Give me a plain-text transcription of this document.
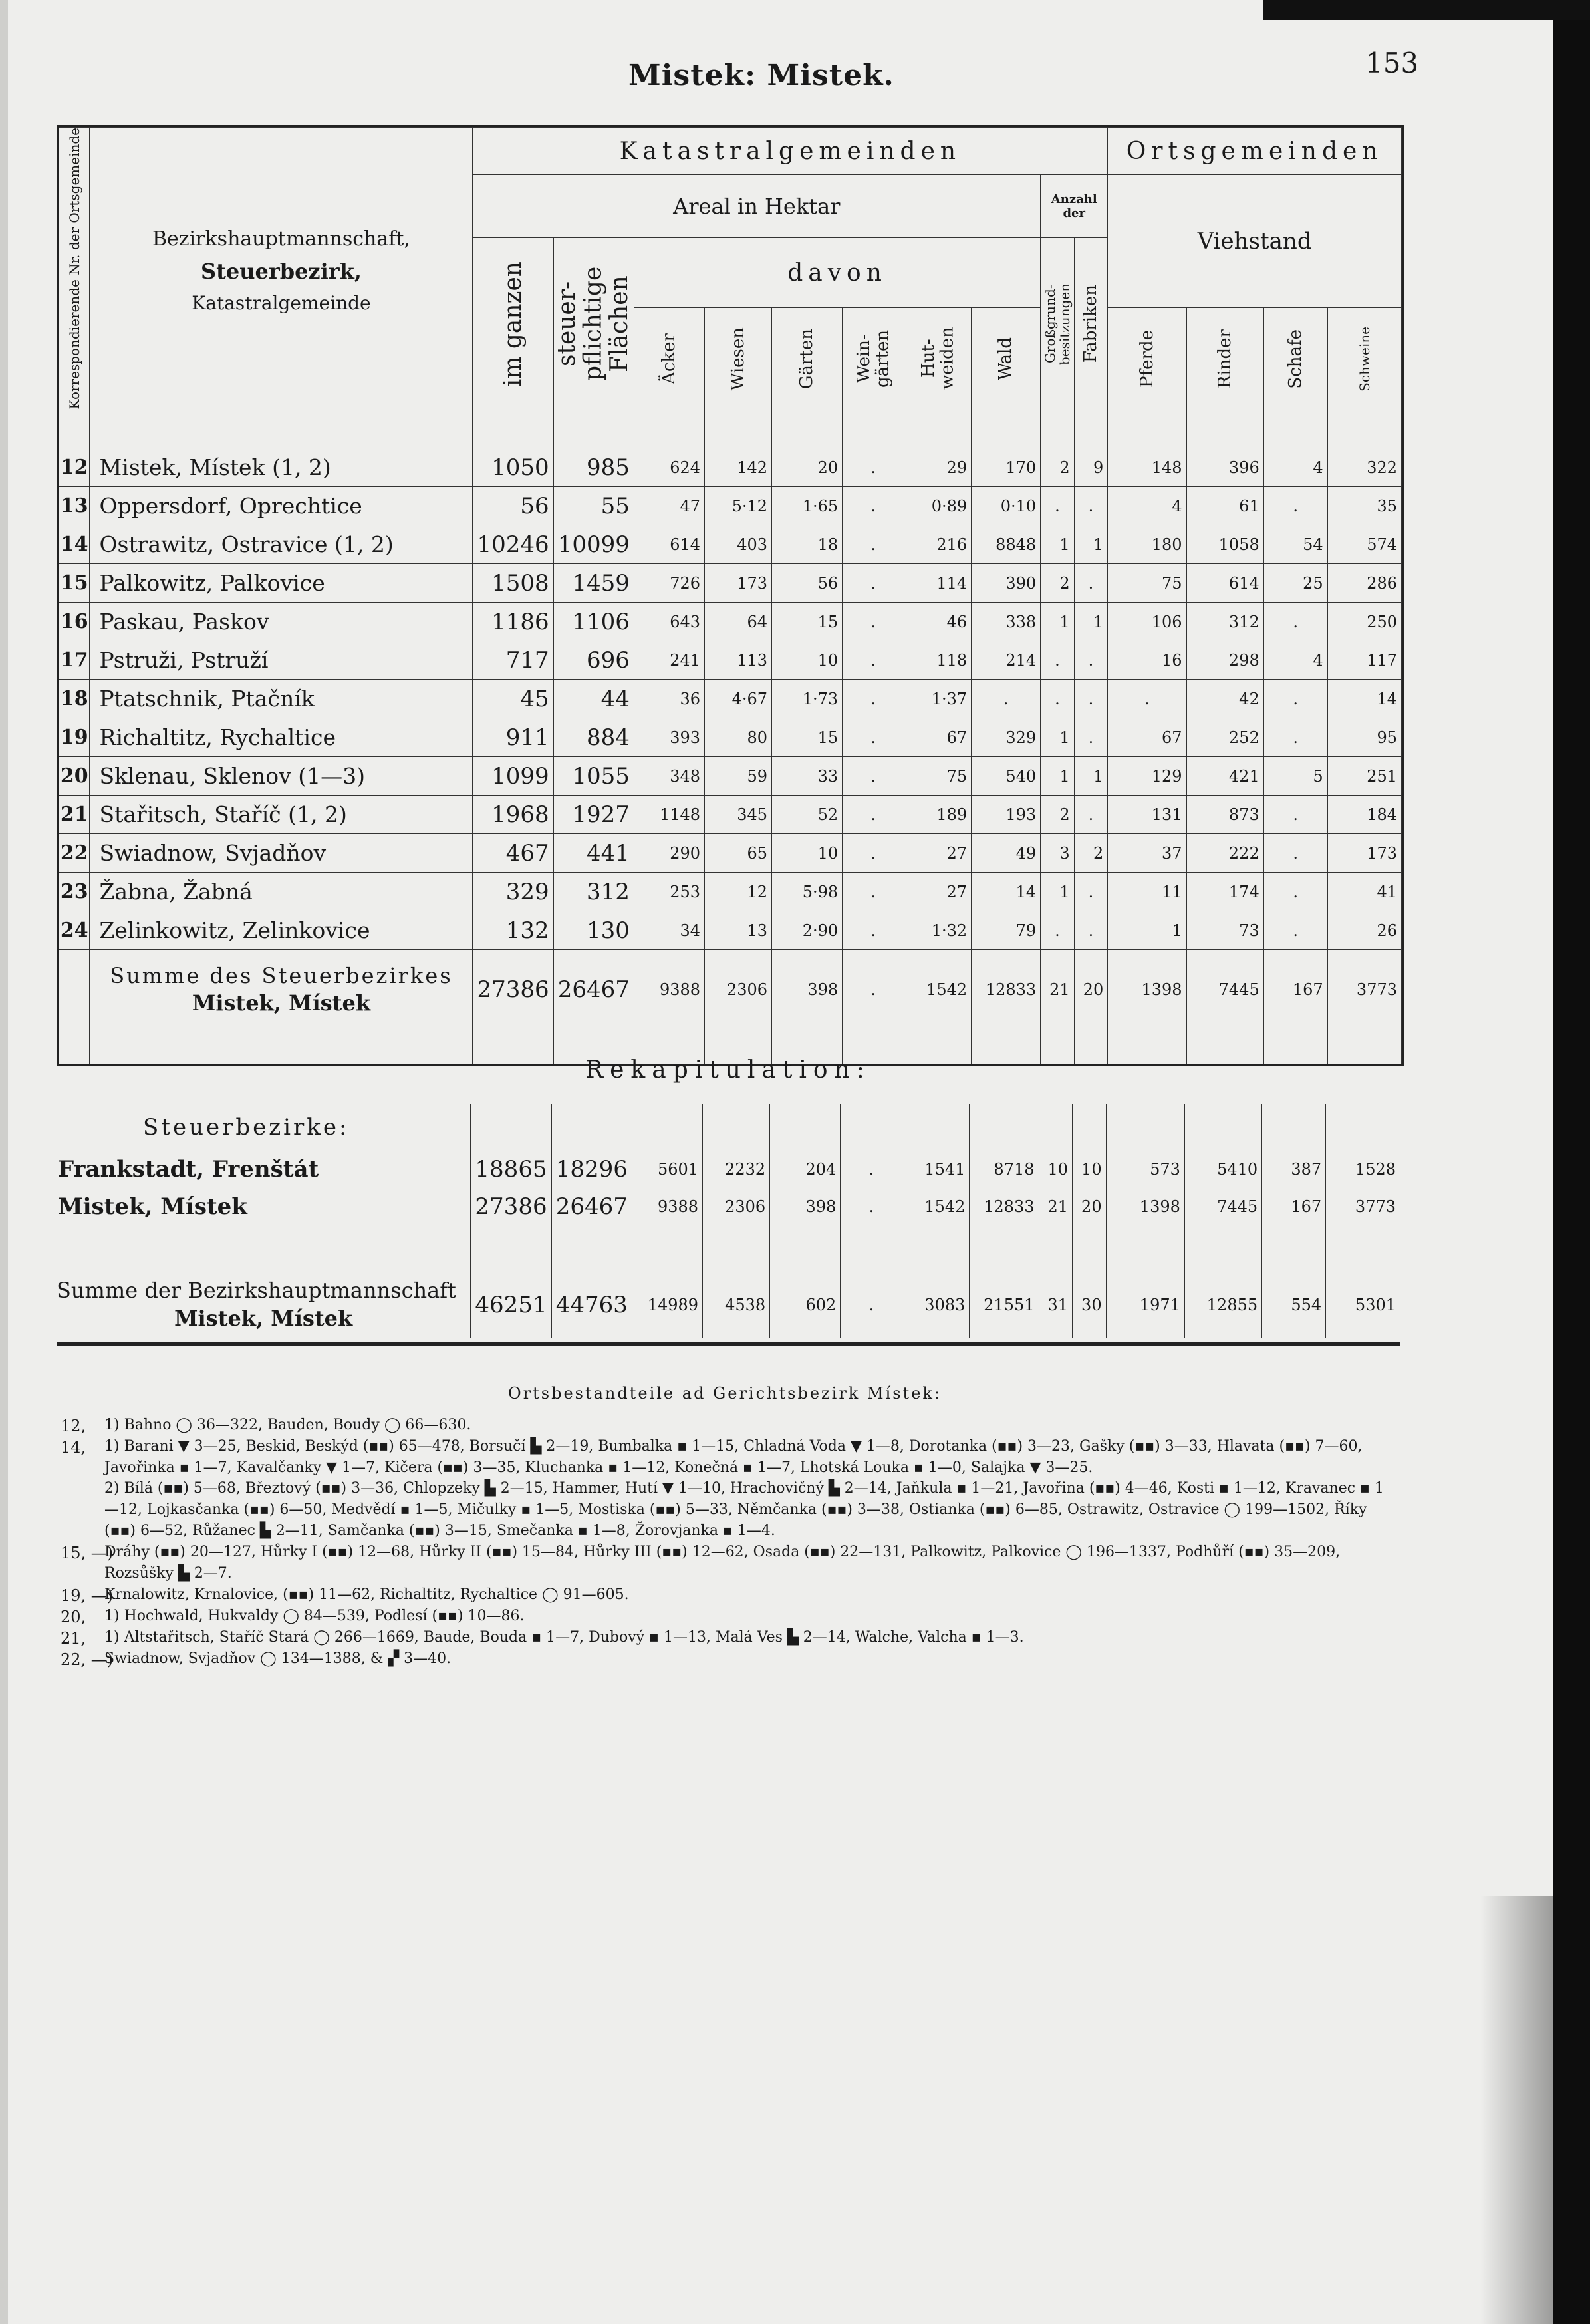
Mistek: Mistek.	153
Korrespondierende Nr. der Ortsgemeinde	Bezirkshauptmannschaft,
Steuerbezirk,
Katastralgemeinde	Katastralgemeinden										Ortsgemeinden			
		Areal in Hektar								Anzahl der		Viehstand			
		im ganzen	steuer-pflichtige Flächen	davon						Großgrund-besitzungen	Fabriken				
				Äcker	Wiesen	Gärten	Wein-gärten	Hut-weiden	Wald			Pferde	Rinder	Schafe	Schweine

12	Mistek, Místek (1, 2)	1050	985	624	142	20	.	29	170	2	9	148	396	4	322
13	Oppersdorf, Oprechtice	56	55	47	5·12	1·65	.	0·89	0·10	.	.	4	61	.	35
14	Ostrawitz, Ostravice (1, 2)	10246	10099	614	403	18	.	216	8848	1	1	180	1058	54	574
15	Palkowitz, Palkovice	1508	1459	726	173	56	.	114	390	2	.	75	614	25	286
16	Paskau, Paskov	1186	1106	643	64	15	.	46	338	1	1	106	312	.	250
17	Pstruži, Pstruží	717	696	241	113	10	.	118	214	.	.	16	298	4	117
18	Ptatschnik, Ptačník	45	44	36	4·67	1·73	.	1·37	.	.	.	.	42	.	14
19	Richaltitz, Rychaltice	911	884	393	80	15	.	67	329	1	.	67	252	.	95
20	Sklenau, Sklenov (1—3)	1099	1055	348	59	33	.	75	540	1	1	129	421	5	251
21	Stařitsch, Staříč (1, 2)	1968	1927	1148	345	52	.	189	193	2	.	131	873	.	184
22	Swiadnow, Svjadňov	467	441	290	65	10	.	27	49	3	2	37	222	.	173
23	Žabna, Žabná	329	312	253	12	5·98	.	27	14	1	.	11	174	.	41
24	Zelinkowitz, Zelinkovice	132	130	34	13	2·90	.	1·32	79	.	.	1	73	.	26

	Summe des Steuerbezirkes
Mistek, Místek	27386	26467	9388	2306	398	.	1542	12833	21	20	1398	7445	167	3773

Rekapitulation:
Steuerbezirke:														
Frankstadt, Frenštát	18865	18296	5601	2232	204	.	1541	8718	10	10	573	5410	387	1528
Mistek, Místek	27386	26467	9388	2306	398	.	1542	12833	21	20	1398	7445	167	3773

Summe der Bezirkshauptmannschaft
Mistek, Místek	46251	44763	14989	4538	602	.	3083	21551	31	30	1971	12855	554	5301
Ortsbestandteile ad Gerichtsbezirk Místek:
12, 1) Bahno ◯ 36—322, Bauden, Boudy ◯ 66—630.
14, 1) Barani ▼ 3—25, Beskid, Beskýd (▪▪) 65—478, Borsučí ▙ 2—19, Bumbalka ▪ 1—15, Chladná Voda ▼ 1—8, Dorotanka (▪▪) 3—23, Gašky (▪▪) 3—33, Hlavata (▪▪) 7—60, Javořinka ▪ 1—7, Kavalčanky ▼ 1—7, Kičera (▪▪) 3—35, Kluchanka ▪ 1—12, Konečná ▪ 1—7, Lhotská Louka ▪ 1—0, Salajka ▼ 3—25.
2) Bílá (▪▪) 5—68, Březtový (▪▪) 3—36, Chlopzeky ▙ 2—15, Hammer, Hutí ▼ 1—10, Hrachovičný ▙ 2—14, Jaňkula ▪ 1—21, Javořina (▪▪) 4—46, Kosti ▪ 1—12, Kravanec ▪ 1—12, Lojkasčanka (▪▪) 6—50, Medvědí ▪ 1—5, Mičulky ▪ 1—5, Mostiska (▪▪) 5—33, Němčanka (▪▪) 3—38, Ostianka (▪▪) 6—85, Ostrawitz, Ostravice ◯ 199—1502, Říky (▪▪) 6—52, Růžanec ▙ 2—11, Samčanka (▪▪) 3—15, Smečanka ▪ 1—8, Žorovjanka ▪ 1—4.
15, —)
Dráhy (▪▪) 20—127, Hůrky I (▪▪) 12—68, Hůrky II (▪▪) 15—84, Hůrky III (▪▪) 12—62, Osada (▪▪) 22—131, Palkowitz, Palkovice ◯ 196—1337, Podhůří (▪▪) 35—209, Rozsůšky ▙ 2—7.
19, —)
Krnalowitz, Krnalovice, (▪▪) 11—62, Richaltitz, Rychaltice ◯ 91—605.
20, 1) Hochwald, Hukvaldy ◯ 84—539, Podlesí (▪▪) 10—86.
21, 1) Altstařitsch, Staříč Stará ◯ 266—1669, Baude, Bouda ▪ 1—7, Dubový ▪ 1—13, Malá Ves ▙ 2—14, Walche, Valcha ▪ 1—3.
22, —)
Swiadnow, Svjadňov ◯ 134—1388, & ▞ 3—40.
